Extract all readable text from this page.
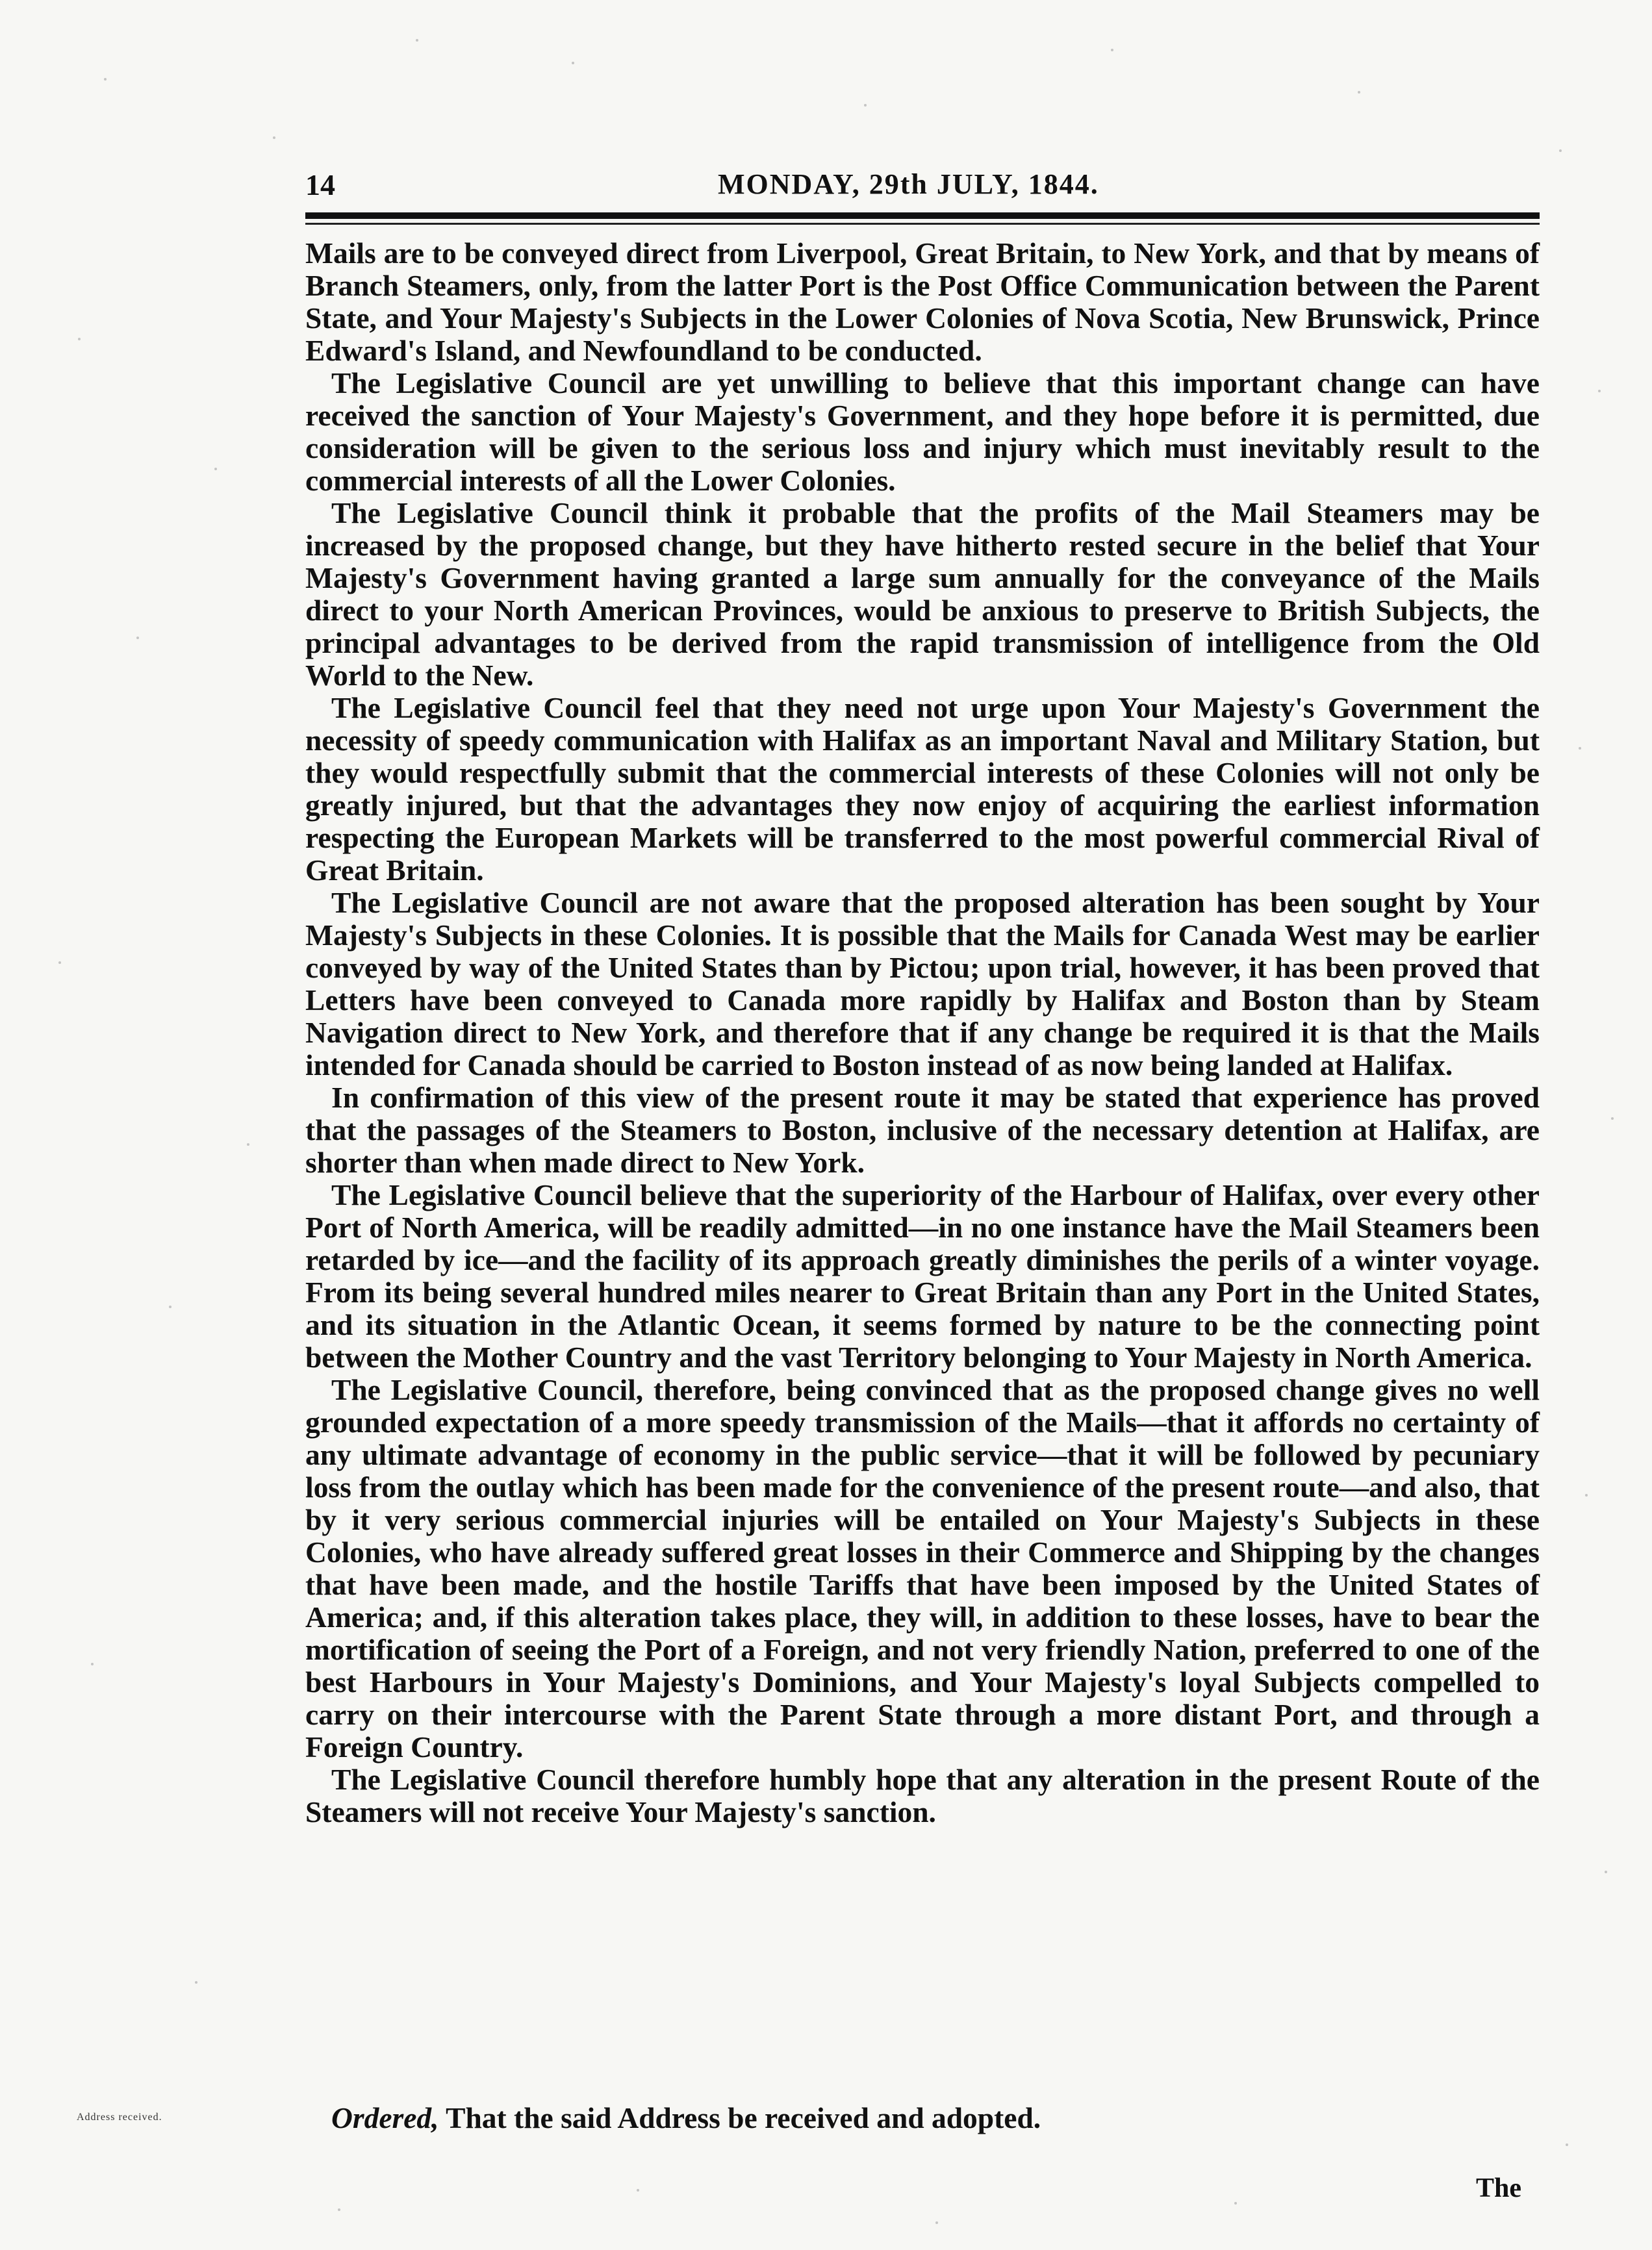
14	MONDAY, 29th JULY, 1844.

Mails are to be conveyed direct from Liverpool, Great Britain, to New York, and that by means of Branch Steamers, only, from the latter Port is the Post Office Communication between the Parent State, and Your Majesty's Subjects in the Lower Colonies of Nova Scotia, New Brunswick, Prince Edward's Island, and Newfoundland to be conducted.

The Legislative Council are yet unwilling to believe that this important change can have received the sanction of Your Majesty's Government, and they hope before it is permitted, due consideration will be given to the serious loss and injury which must inevitably result to the commercial interests of all the Lower Colonies.

The Legislative Council think it probable that the profits of the Mail Steamers may be increased by the proposed change, but they have hitherto rested secure in the belief that Your Majesty's Government having granted a large sum annually for the conveyance of the Mails direct to your North American Provinces, would be anxious to preserve to British Subjects, the principal advantages to be derived from the rapid transmission of intelligence from the Old World to the New.

The Legislative Council feel that they need not urge upon Your Majesty's Government the necessity of speedy communication with Halifax as an important Naval and Military Station, but they would respectfully submit that the commercial interests of these Colonies will not only be greatly injured, but that the advantages they now enjoy of acquiring the earliest information respecting the European Markets will be transferred to the most powerful commercial Rival of Great Britain.

The Legislative Council are not aware that the proposed alteration has been sought by Your Majesty's Subjects in these Colonies. It is possible that the Mails for Canada West may be earlier conveyed by way of the United States than by Pictou; upon trial, however, it has been proved that Letters have been conveyed to Canada more rapidly by Halifax and Boston than by Steam Navigation direct to New York, and therefore that if any change be required it is that the Mails intended for Canada should be carried to Boston instead of as now being landed at Halifax.

In confirmation of this view of the present route it may be stated that experience has proved that the passages of the Steamers to Boston, inclusive of the necessary detention at Halifax, are shorter than when made direct to New York.

The Legislative Council believe that the superiority of the Harbour of Halifax, over every other Port of North America, will be readily admitted—in no one instance have the Mail Steamers been retarded by ice—and the facility of its approach greatly diminishes the perils of a winter voyage. From its being several hundred miles nearer to Great Britain than any Port in the United States, and its situation in the Atlantic Ocean, it seems formed by nature to be the connecting point between the Mother Country and the vast Territory belonging to Your Majesty in North America.

The Legislative Council, therefore, being convinced that as the proposed change gives no well grounded expectation of a more speedy transmission of the Mails—that it affords no certainty of any ultimate advantage of economy in the public service—that it will be followed by pecuniary loss from the outlay which has been made for the convenience of the present route—and also, that by it very serious commercial injuries will be entailed on Your Majesty's Subjects in these Colonies, who have already suffered great losses in their Commerce and Shipping by the changes that have been made, and the hostile Tariffs that have been imposed by the United States of America; and, if this alteration takes place, they will, in addition to these losses, have to bear the mortification of seeing the Port of a Foreign, and not very friendly Nation, preferred to one of the best Harbours in Your Majesty's Dominions, and Your Majesty's loyal Subjects compelled to carry on their intercourse with the Parent State through a more distant Port, and through a Foreign Country.

The Legislative Council therefore humbly hope that any alteration in the present Route of the Steamers will not receive Your Majesty's sanction.

Address received.	Ordered, That the said Address be received and adopted.
The
